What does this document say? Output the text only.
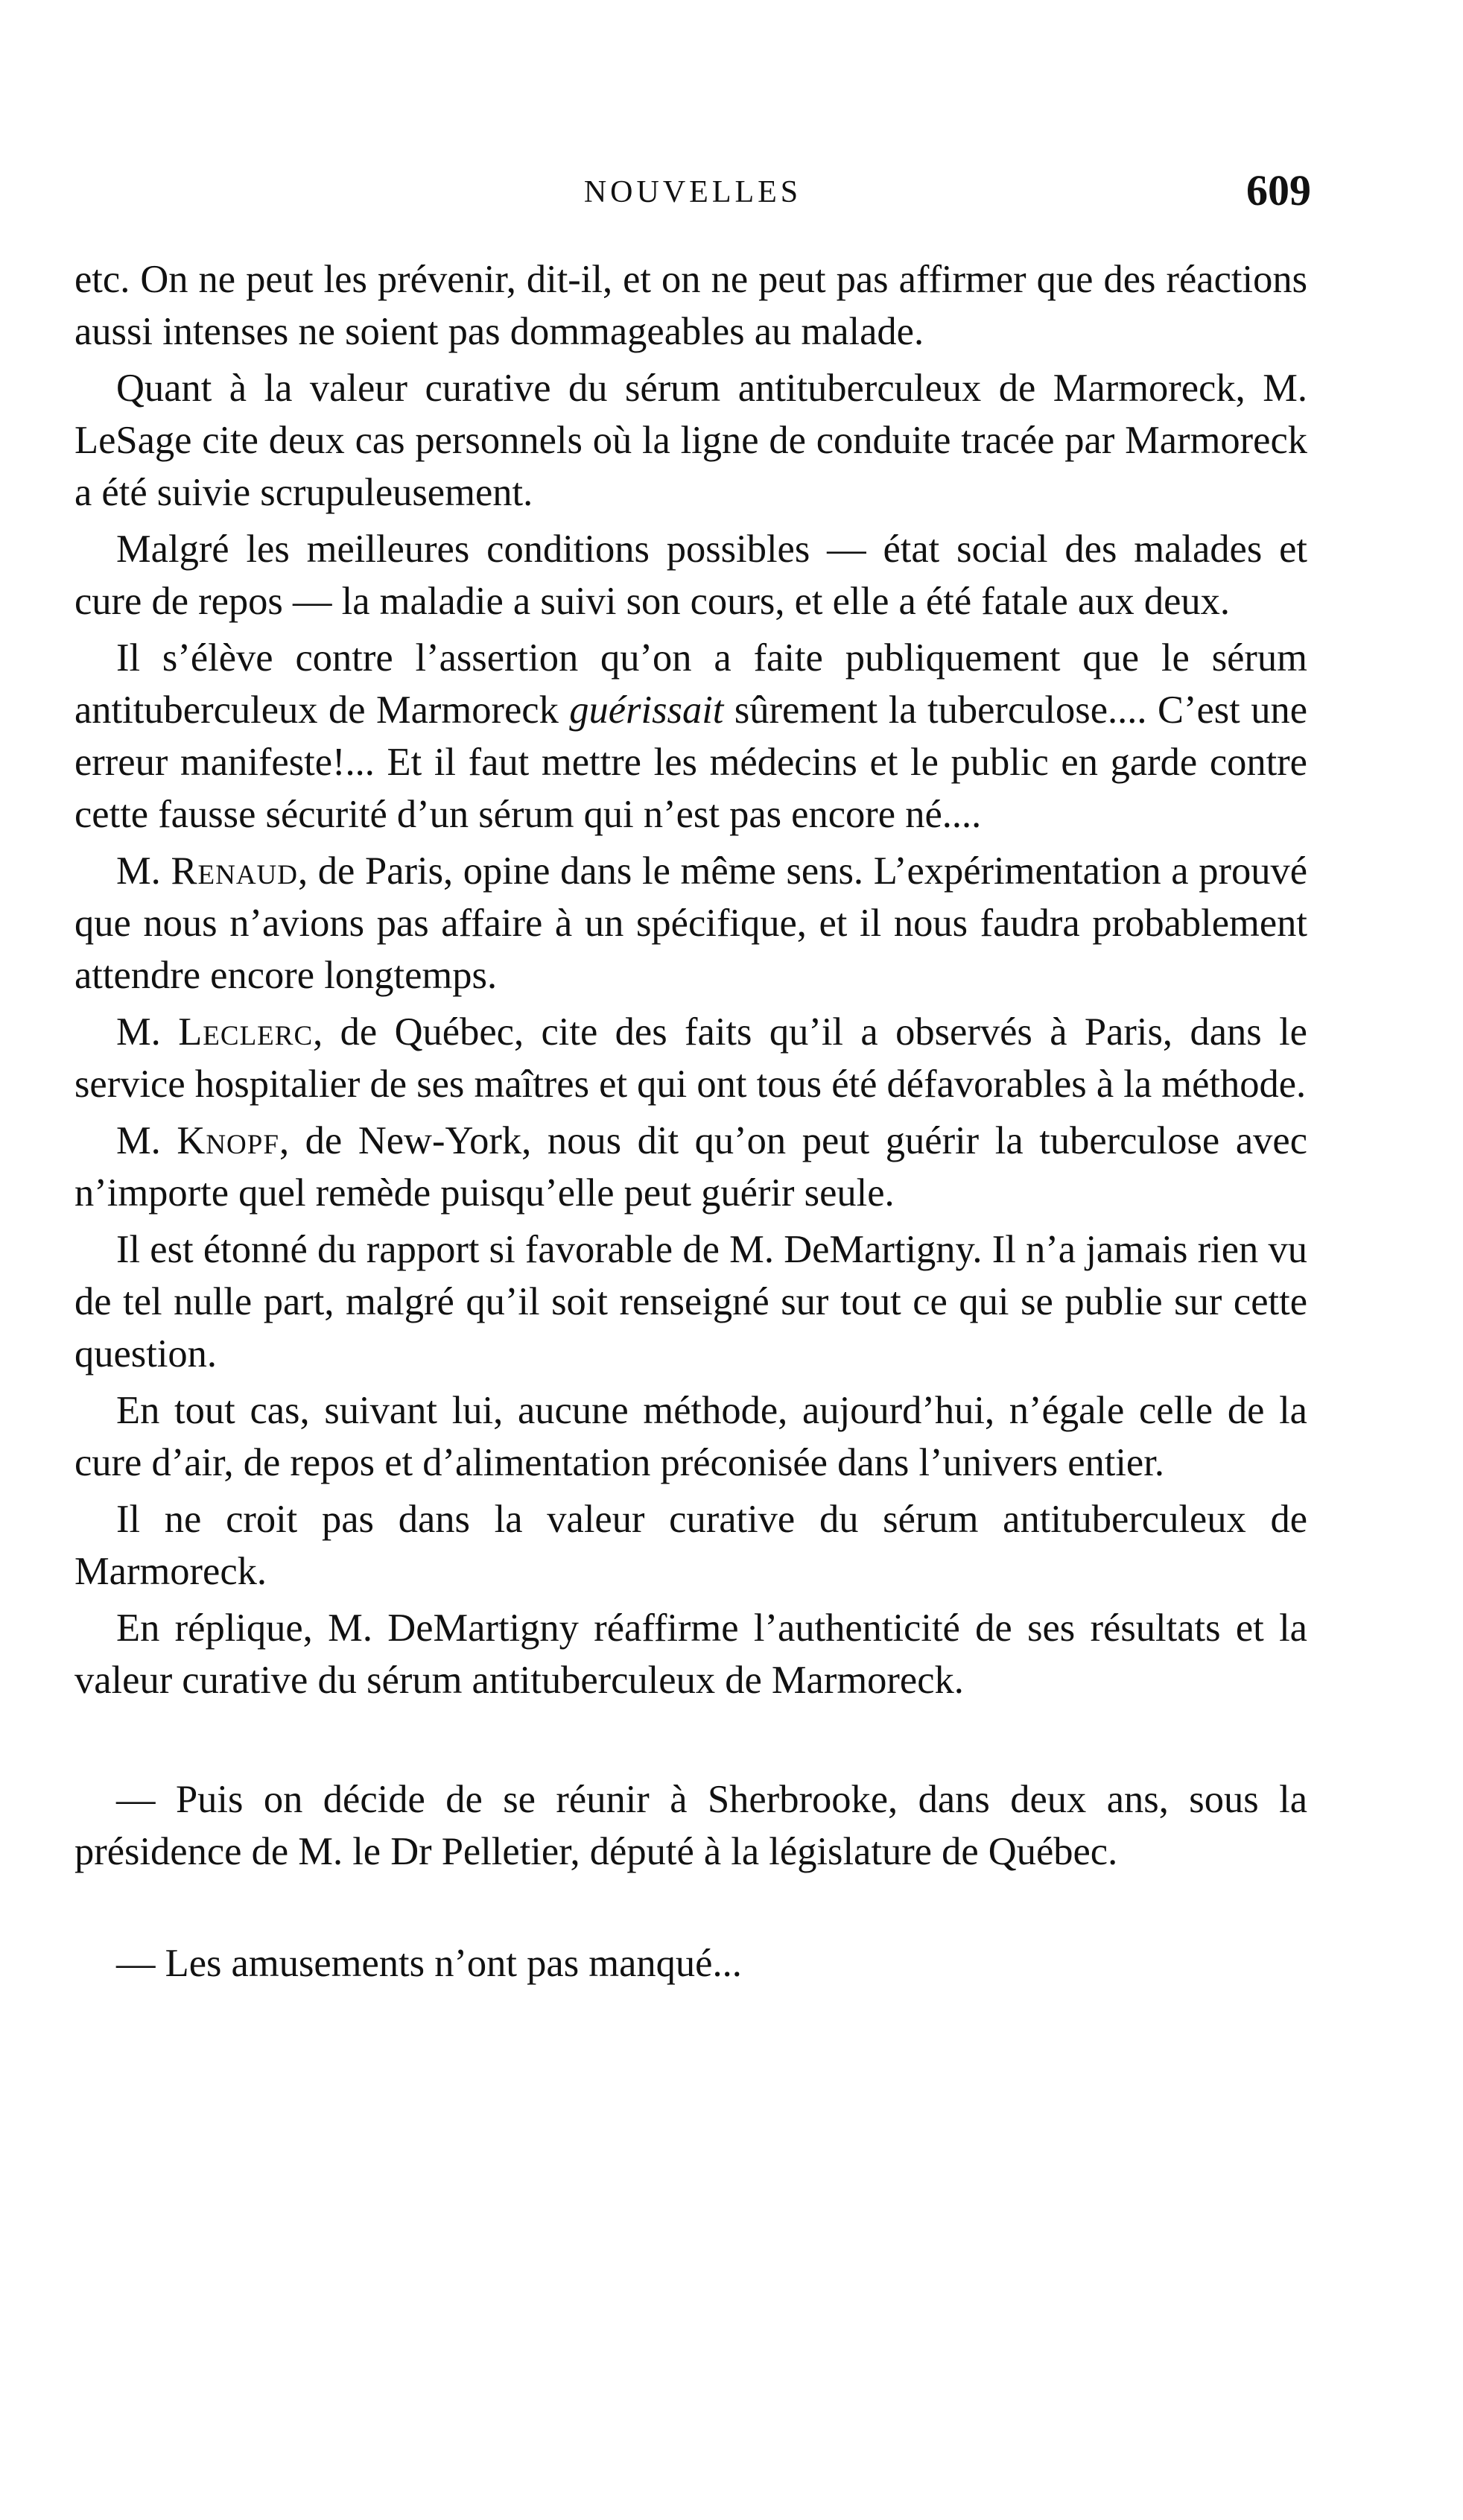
NOUVELLES	609

etc. On ne peut les prévenir, dit-il, et on ne peut pas affirmer que des réactions aussi intenses ne soient pas dommageables au malade.

Quant à la valeur curative du sérum antituberculeux de Marmoreck, M. LeSage cite deux cas personnels où la ligne de conduite tracée par Marmoreck a été suivie scrupuleusement.

Malgré les meilleures conditions possibles — état social des malades et cure de repos — la maladie a suivi son cours, et elle a été fatale aux deux.

Il s’élève contre l’assertion qu’on a faite publiquement que le sérum antituberculeux de Marmoreck guérissait sûrement la tuberculose.... C’est une erreur manifeste!... Et il faut mettre les médecins et le public en garde contre cette fausse sécurité d’un sérum qui n’est pas encore né....

M. Renaud, de Paris, opine dans le même sens. L’expérimentation a prouvé que nous n’avions pas affaire à un spécifique, et il nous faudra probablement attendre encore longtemps.

M. Leclerc, de Québec, cite des faits qu’il a observés à Paris, dans le service hospitalier de ses maîtres et qui ont tous été défavorables à la méthode.

M. Knopf, de New-York, nous dit qu’on peut guérir la tuberculose avec n’importe quel remède puisqu’elle peut guérir seule.

Il est étonné du rapport si favorable de M. DeMartigny. Il n’a jamais rien vu de tel nulle part, malgré qu’il soit renseigné sur tout ce qui se publie sur cette question.

En tout cas, suivant lui, aucune méthode, aujourd’hui, n’égale celle de la cure d’air, de repos et d’alimentation préconisée dans l’univers entier.

Il ne croit pas dans la valeur curative du sérum antituberculeux de Marmoreck.

En réplique, M. DeMartigny réaffirme l’authenticité de ses résultats et la valeur curative du sérum antituberculeux de Marmoreck.

— Puis on décide de se réunir à Sherbrooke, dans deux ans, sous la présidence de M. le Dr Pelletier, député à la législature de Québec.

— Les amusements n’ont pas manqué...
